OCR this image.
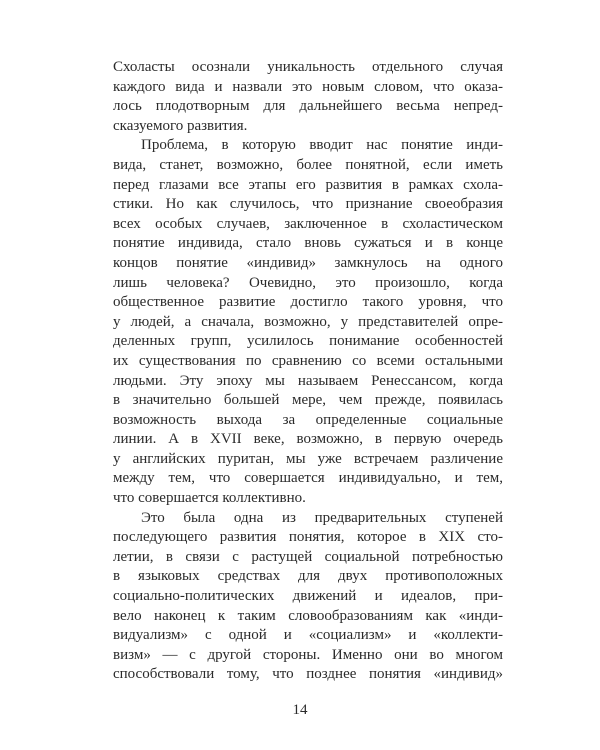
Схоласты осознали уникальность отдельного случая
каждого вида и назвали это новым словом, что оказа-
лось плодотворным для дальнейшего весьма непред-
сказуемого развития.
Проблема, в которую вводит нас понятие инди-
вида, станет, возможно, более понятной, если иметь
перед глазами все этапы его развития в рамках схола-
стики. Но как случилось, что признание своеобразия
всех особых случаев, заключенное в схоластическом
понятие индивида, стало вновь сужаться и в конце
концов понятие «индивид» замкнулось на одного
лишь человека? Очевидно, это произошло, когда
общественное развитие достигло такого уровня, что
у людей, а сначала, возможно, у представителей опре-
деленных групп, усилилось понимание особенностей
их существования по сравнению со всеми остальными
людьми. Эту эпоху мы называем Ренессансом, когда
в значительно большей мере, чем прежде, появилась
возможность выхода за определенные социальные
линии. А в XVII веке, возможно, в первую очередь
у английских пуритан, мы уже встречаем различение
между тем, что совершается индивидуально, и тем,
что совершается коллективно.
Это была одна из предварительных ступеней
последующего развития понятия, которое в XIX сто-
летии, в связи с растущей социальной потребностью
в языковых средствах для двух противоположных
социально-политических движений и идеалов, при-
вело наконец к таким словообразованиям как «инди-
видуализм» с одной и «социализм» и «коллекти-
визм» — с другой стороны. Именно они во многом
способствовали тому, что позднее понятия «индивид»
14
